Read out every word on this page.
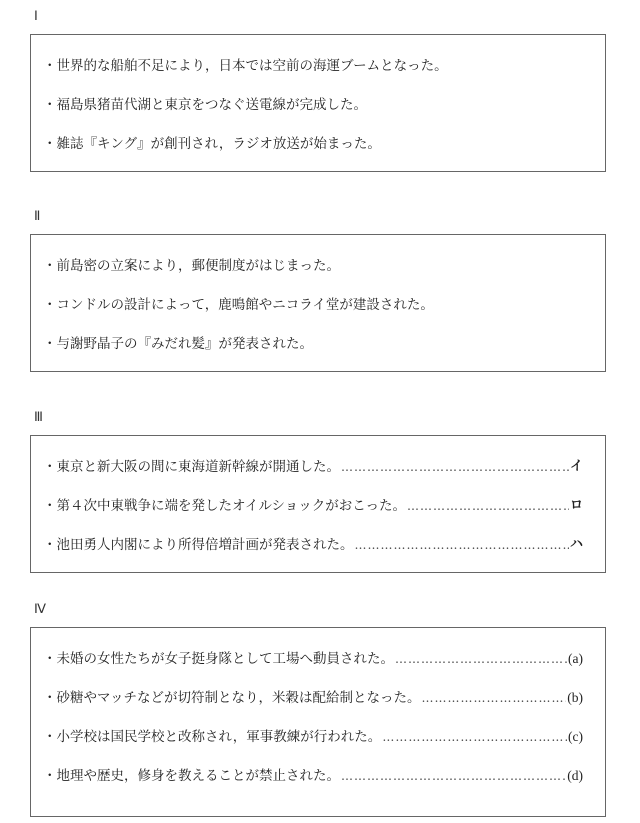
Ⅰ
・世界的な船舶不足により，日本では空前の海運ブームとなった。
・福島県猪苗代湖と東京をつなぐ送電線が完成した。
・雑誌『キング』が創刊され，ラジオ放送が始まった。
Ⅱ
・前島密の立案により，郵便制度がはじまった。
・コンドルの設計によって，鹿鳴館やニコライ堂が建設された。
・与謝野晶子の『みだれ髪』が発表された。
Ⅲ
・東京と新大阪の間に東海道新幹線が開通した。 ……………………………………………………………………………………………………………	イ
・第４次中東戦争に端を発したオイルショックがおこった。 ……………………………………………………………………………………………………………	ロ
・池田勇人内閣により所得倍増計画が発表された。 ……………………………………………………………………………………………………………	ハ
Ⅳ
・未婚の女性たちが女子挺身隊として工場へ動員された。 ……………………………………………………………………………………………………………	(a)
・砂糖やマッチなどが切符制となり，米穀は配給制となった。 ……………………………………………………………………………………………………………	(b)
・小学校は国民学校と改称され，軍事教練が行われた。 ……………………………………………………………………………………………………………	(c)
・地理や歴史，修身を教えることが禁止された。 ……………………………………………………………………………………………………………	(d)
